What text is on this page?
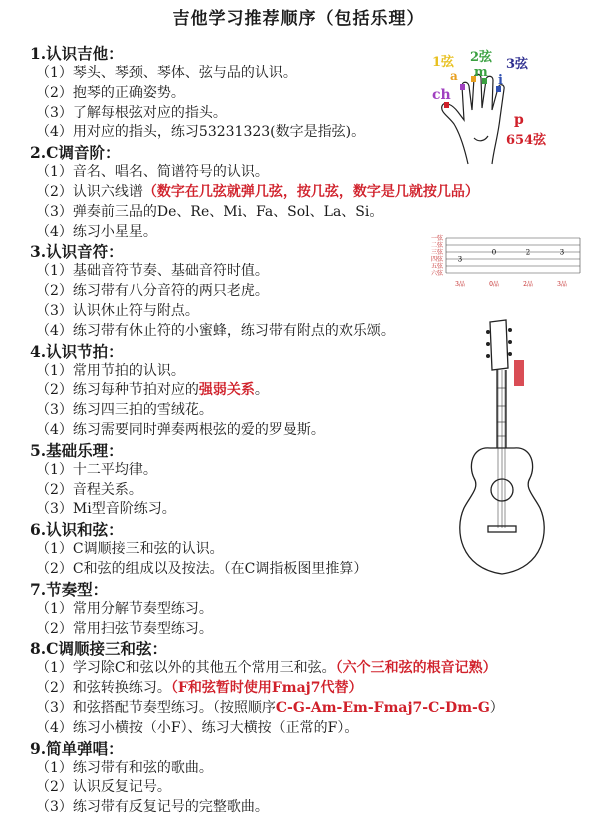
吉他学习推荐顺序（包括乐理）
1.认识吉他：
（1）琴头、琴颈、琴体、弦与品的认识。
（2）抱琴的正确姿势。
（3）了解每根弦对应的指头。
（4）用对应的指头，练习53231323(数字是指弦)。
2.C调音阶：
（1）音名、唱名、简谱符号的认识。
（2）认识六线谱（数字在几弦就弹几弦，按几弦，数字是几就按几品）
（3）弹奏前三品的De、Re、Mi、Fa、Sol、La、Si。
（4）练习小星星。
3.认识音符：
（1）基础音符节奏、基础音符时值。
（2）练习带有八分音符的两只老虎。
（3）认识休止符与附点。
（4）练习带有休止符的小蜜蜂，练习带有附点的欢乐颂。
4.认识节拍：
（1）常用节拍的认识。
（2）练习每种节拍对应的强弱关系。
（3）练习四三拍的雪绒花。
（4）练习需要同时弹奏两根弦的爱的罗曼斯。
5.基础乐理：
（1）十二平均律。
（2）音程关系。
（3）Mi型音阶练习。
6.认识和弦：
（1）C调顺接三和弦的认识。
（2）C和弦的组成以及按法。（在C调指板图里推算）
7.节奏型：
（1）常用分解节奏型练习。
（2）常用扫弦节奏型练习。
8.C调顺接三和弦：
（1）学习除C和弦以外的其他五个常用三和弦。（六个三和弦的根音记熟）
（2）和弦转换练习。（F和弦暂时使用Fmaj7代替）
（3）和弦搭配节奏型练习。（按照顺序C-G-Am-Em-Fmaj7-C-Dm-G）
（4）练习小横按（小F）、练习大横按（正常的F）。
9.简单弹唱：
（1）练习带有和弦的歌曲。
（2）认识反复记号。
（3）练习带有反复记号的完整歌曲。
1弦
a
2弦
m
3弦
i
ch
p
654弦
一弦
二弦
三弦
四弦
五弦
六弦
3
0	2	3
3品	0品	2品	3品
